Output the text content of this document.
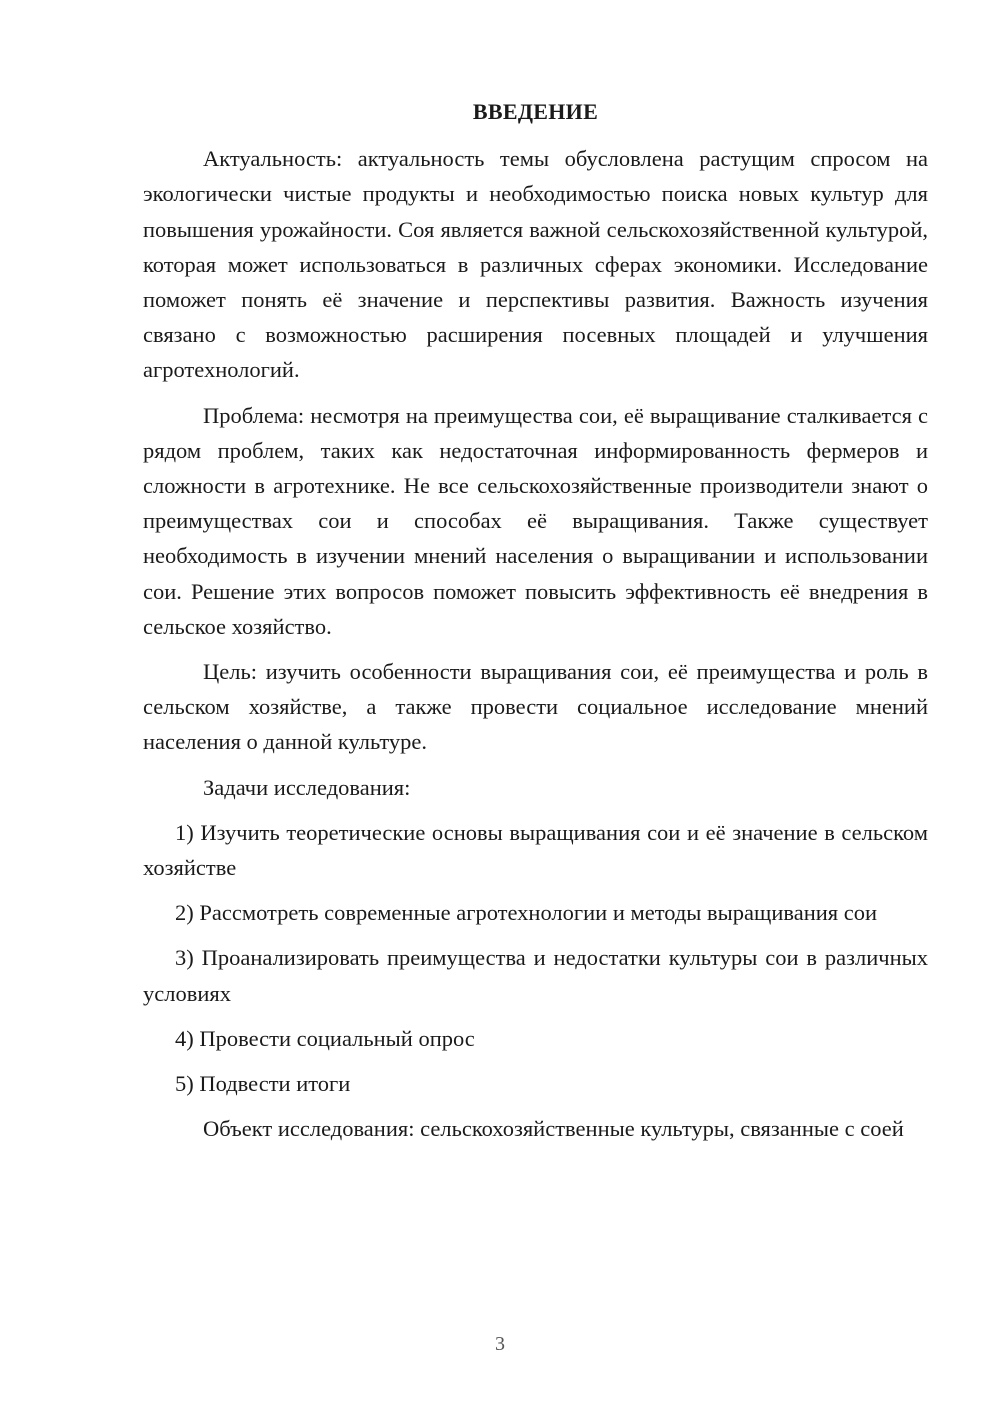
ВВЕДЕНИЕ

Актуальность: актуальность темы обусловлена растущим спросом на экологически чистые продукты и необходимостью поиска новых культур для повышения урожайности. Соя является важной сельскохозяйственной культурой, которая может использоваться в различных сферах экономики. Исследование поможет понять её значение и перспективы развития. Важность изучения связано с возможностью расширения посевных площадей и улучшения агротехнологий.

Проблема: несмотря на преимущества сои, её выращивание сталкивается с рядом проблем, таких как недостаточная информированность фермеров и сложности в агротехнике. Не все сельскохозяйственные производители знают о преимуществах сои и способах её выращивания. Также существует необходимость в изучении мнений населения о выращивании и использовании сои. Решение этих вопросов поможет повысить эффективность её внедрения в сельское хозяйство.

Цель: изучить особенности выращивания сои, её преимущества и роль в сельском хозяйстве, а также провести социальное исследование мнений населения о данной культуре.

Задачи исследования:

1) Изучить теоретические основы выращивания сои и её значение в сельском хозяйстве

2) Рассмотреть современные агротехнологии и методы выращивания сои

3) Проанализировать преимущества и недостатки культуры сои в различных условиях

4) Провести социальный опрос

5) Подвести итоги

Объект исследования: сельскохозяйственные культуры, связанные с соей

3
